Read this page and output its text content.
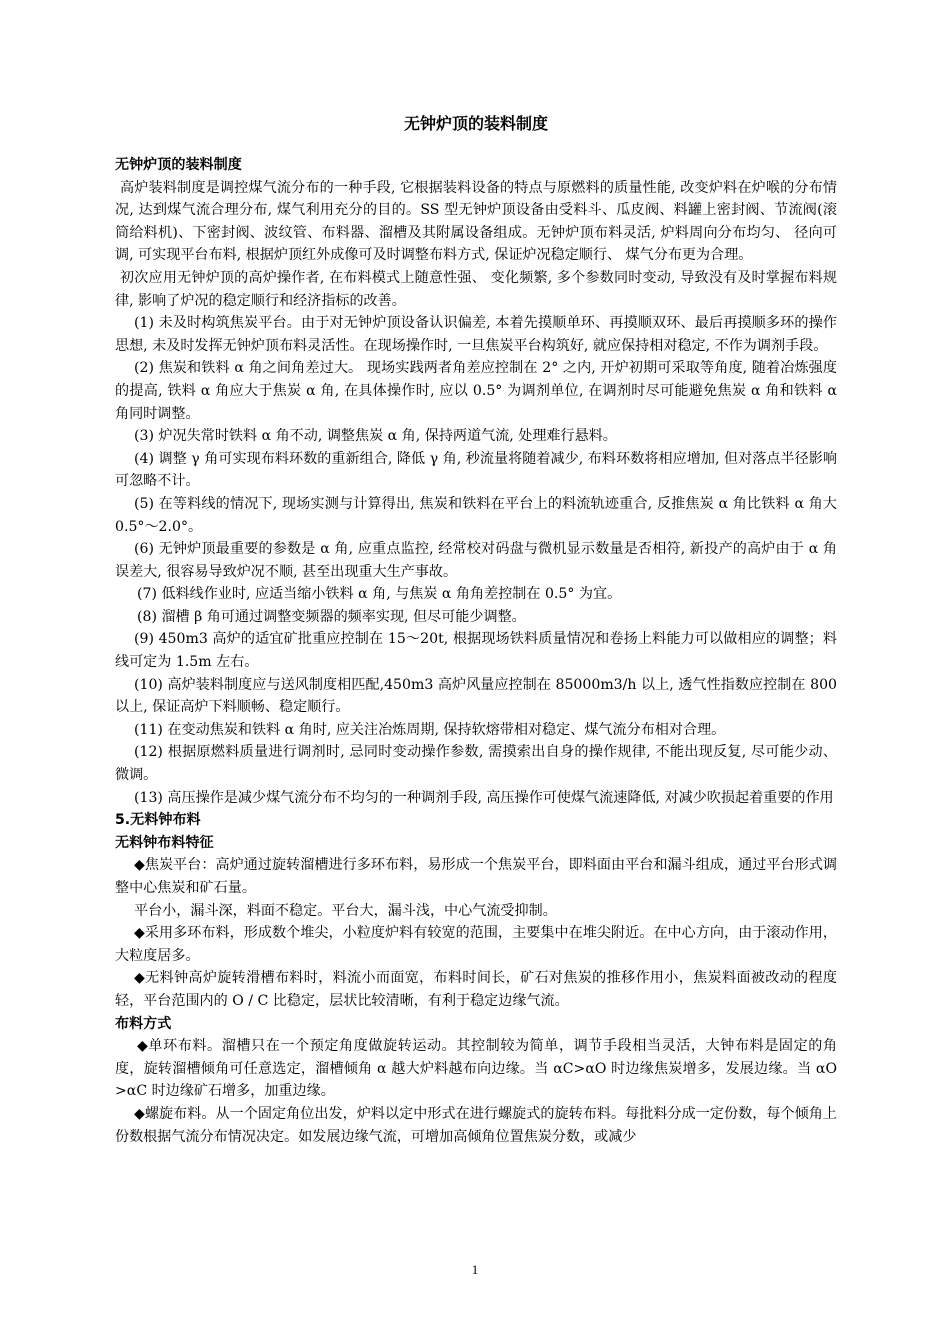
无钟炉顶的装料制度
无钟炉顶的装料制度

高炉装料制度是调控煤气流分布的一种手段, 它根据装料设备的特点与原燃料的质量性能, 改变炉料在炉喉的分布情况, 达到煤气流合理分布, 煤气利用充分的目的。SS 型无钟炉顶设备由受料斗、瓜皮阀、料罐上密封阀、节流阀(滚筒给料机)、下密封阀、波纹管、布料器、溜槽及其附属设备组成。无钟炉顶布料灵活, 炉料周向分布均匀、 径向可调, 可实现平台布料, 根据炉顶红外成像可及时调整布料方式, 保证炉况稳定顺行、 煤气分布更为合理。

初次应用无钟炉顶的高炉操作者, 在布料模式上随意性强、 变化频繁, 多个参数同时变动, 导致没有及时掌握布料规律, 影响了炉况的稳定顺行和经济指标的改善。

(1) 未及时构筑焦炭平台。由于对无钟炉顶设备认识偏差, 本着先摸顺单环、再摸顺双环、最后再摸顺多环的操作思想, 未及时发挥无钟炉顶布料灵活性。在现场操作时, 一旦焦炭平台构筑好, 就应保持相对稳定, 不作为调剂手段。

(2) 焦炭和铁料 α 角之间角差过大。 现场实践两者角差应控制在 2° 之内, 开炉初期可采取等角度, 随着冶炼强度的提高, 铁料 α 角应大于焦炭 α 角, 在具体操作时, 应以 0.5° 为调剂单位, 在调剂时尽可能避免焦炭 α 角和铁料 α 角同时调整。

(3) 炉况失常时铁料 α 角不动, 调整焦炭 α 角, 保持两道气流, 处理难行悬料。

(4) 调整 γ 角可实现布料环数的重新组合, 降低 γ 角, 秒流量将随着减少, 布料环数将相应增加, 但对落点半径影响可忽略不计。

(5) 在等料线的情况下, 现场实测与计算得出, 焦炭和铁料在平台上的料流轨迹重合, 反推焦炭 α 角比铁料 α 角大 0.5°～2.0°。

(6) 无钟炉顶最重要的参数是 α 角, 应重点监控, 经常校对码盘与微机显示数量是否相符, 新投产的高炉由于 α 角误差大, 很容易导致炉况不顺, 甚至出现重大生产事故。

(7) 低料线作业时, 应适当缩小铁料 α 角, 与焦炭 α 角角差控制在 0.5° 为宜。

(8) 溜槽 β 角可通过调整变频器的频率实现, 但尽可能少调整。

(9) 450m3 高炉的适宜矿批重应控制在 15～20t, 根据现场铁料质量情况和卷扬上料能力可以做相应的调整；料线可定为 1.5m 左右。

(10) 高炉装料制度应与送风制度相匹配,450m3 高炉风量应控制在 85000m3/h 以上, 透气性指数应控制在 800 以上, 保证高炉下料顺畅、稳定顺行。

(11) 在变动焦炭和铁料 α 角时, 应关注冶炼周期, 保持软熔带相对稳定、煤气流分布相对合理。

(12) 根据原燃料质量进行调剂时, 忌同时变动操作参数, 需摸索出自身的操作规律, 不能出现反复, 尽可能少动、微调。

(13) 高压操作是减少煤气流分布不均匀的一种调剂手段, 高压操作可使煤气流速降低, 对减少吹损起着重要的作用

5.无料钟布料
无料钟布料特征

◆焦炭平台：高炉通过旋转溜槽进行多环布料，易形成一个焦炭平台，即料面由平台和漏斗组成，通过平台形式调整中心焦炭和矿石量。

平台小，漏斗深，料面不稳定。平台大，漏斗浅，中心气流受抑制。

◆采用多环布料，形成数个堆尖，小粒度炉料有较宽的范围，主要集中在堆尖附近。在中心方向，由于滚动作用，大粒度居多。

◆无料钟高炉旋转滑槽布料时，料流小而面宽，布料时间长，矿石对焦炭的推移作用小，焦炭料面被改动的程度轻，平台范围内的 O / C 比稳定，层状比较清晰，有利于稳定边缘气流。

布料方式

◆单环布料。溜槽只在一个预定角度做旋转运动。其控制较为简单，调节手段相当灵活，大钟布料是固定的角度，旋转溜槽倾角可任意选定，溜槽倾角 α 越大炉料越布向边缘。当 αC>αO 时边缘焦炭增多，发展边缘。当 αO>αC 时边缘矿石增多，加重边缘。

◆螺旋布料。从一个固定角位出发，炉料以定中形式在进行螺旋式的旋转布料。每批料分成一定份数，每个倾角上份数根据气流分布情况决定。如发展边缘气流，可增加高倾角位置焦炭分数，或减少

1
